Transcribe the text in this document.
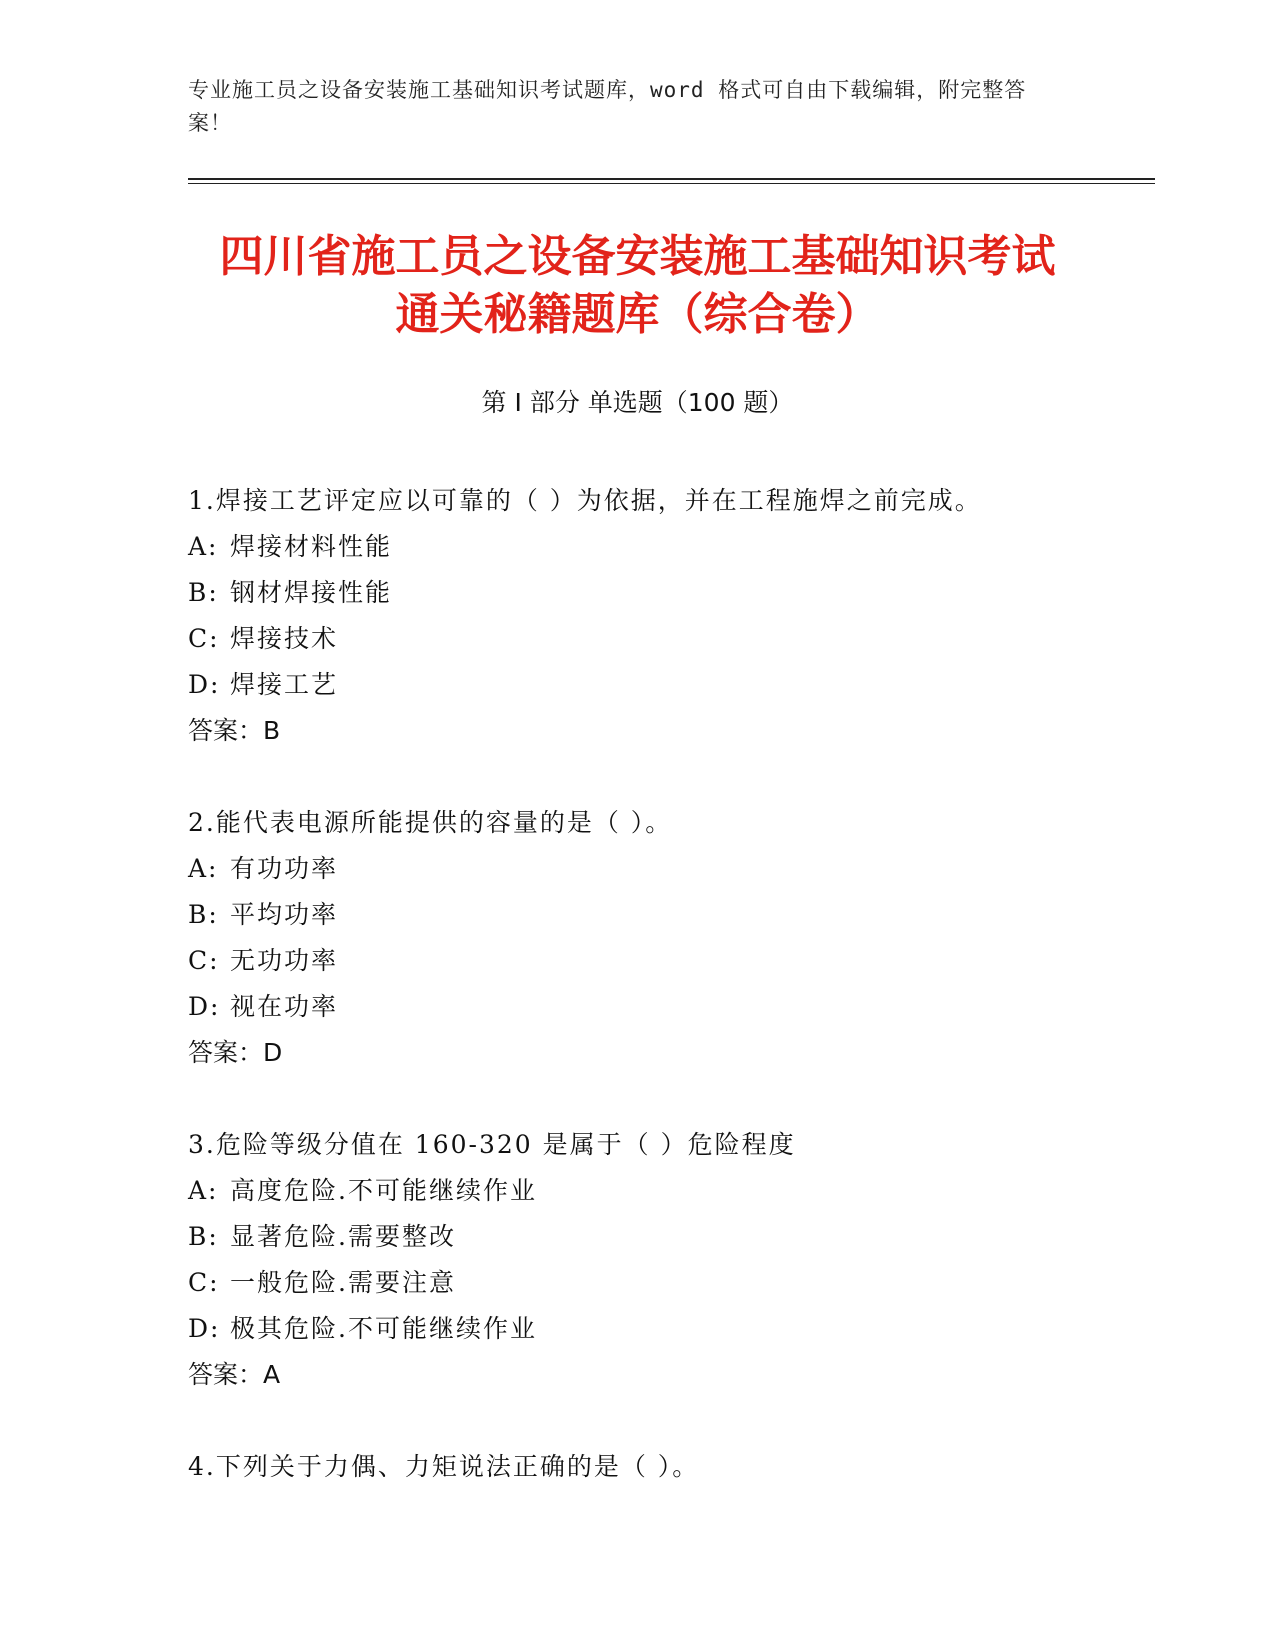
专业施工员之设备安装施工基础知识考试题库，word 格式可自由下载编辑，附完整答案！
四川省施工员之设备安装施工基础知识考试
通关秘籍题库（综合卷）
第 I 部分 单选题（100 题）
1.焊接工艺评定应以可靠的（ ）为依据，并在工程施焊之前完成。
A: 焊接材料性能
B: 钢材焊接性能
C: 焊接技术
D: 焊接工艺
答案：B
2.能代表电源所能提供的容量的是（ ）。
A: 有功功率
B: 平均功率
C: 无功功率
D: 视在功率
答案：D
3.危险等级分值在 160-320 是属于（ ）危险程度
A: 高度危险.不可能继续作业
B: 显著危险.需要整改
C: 一般危险.需要注意
D: 极其危险.不可能继续作业
答案：A
4.下列关于力偶、力矩说法正确的是（ ）。
